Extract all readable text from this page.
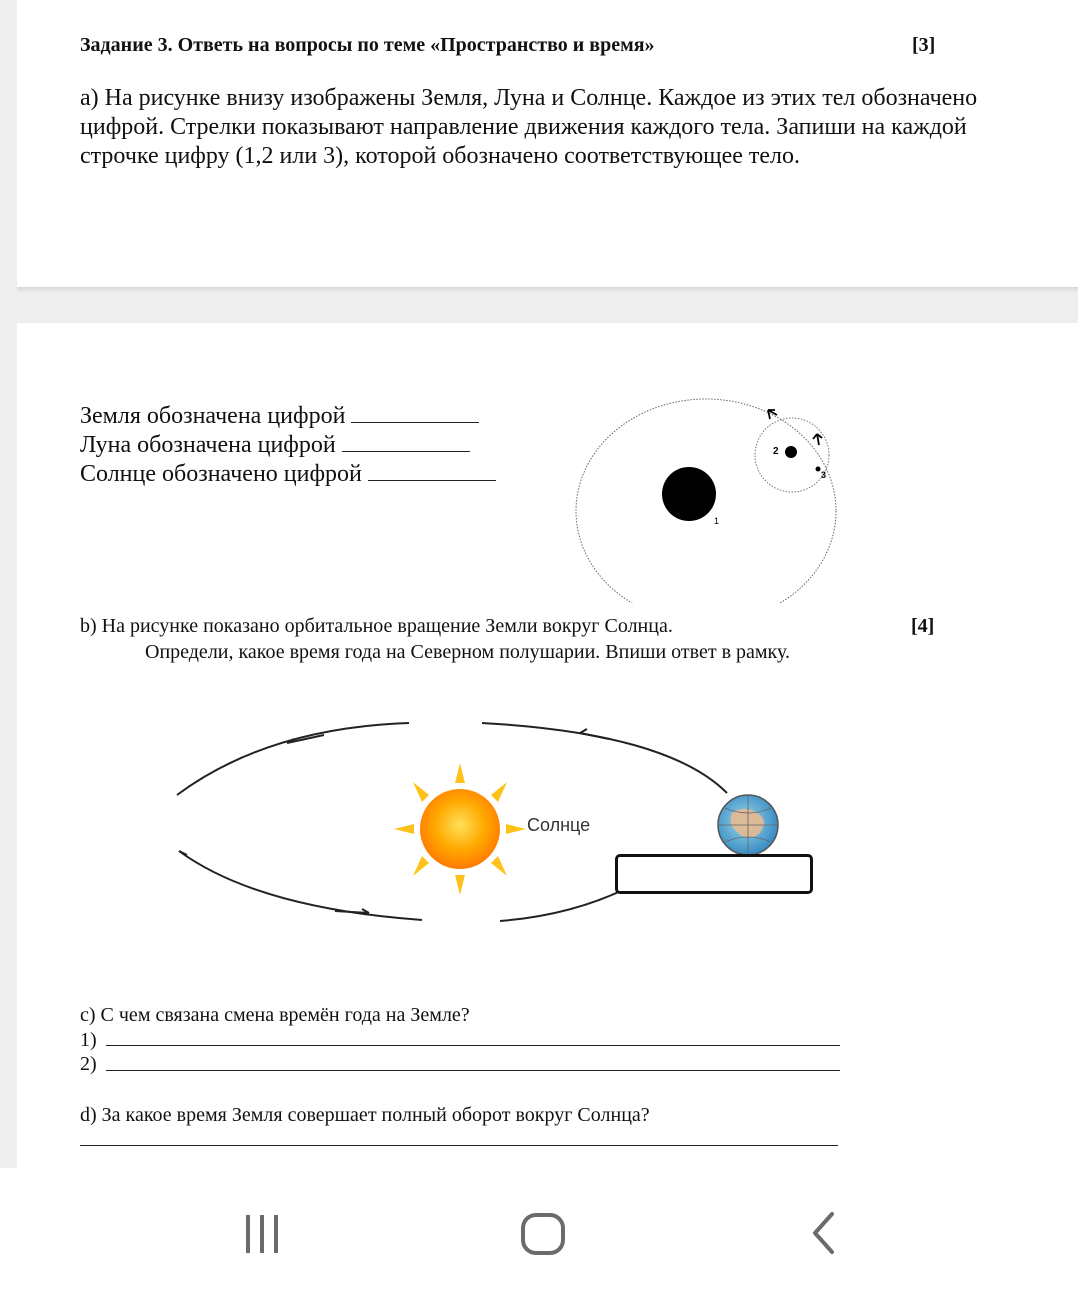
Задание 3. Ответь на вопросы по теме «Пространство и время»	[3]
а) На рисунке внизу изображены Земля, Луна и Солнце. Каждое из этих тел обозначено цифрой. Стрелки показывают направление движения каждого тела. Запиши на каждой строчке цифру (1,2 или 3), которой обозначено соответствующее тело.
Земля обозначена цифрой
Луна обозначена цифрой
Солнце обозначено цифрой
1
2
3
b) На рисунке показано орбитальное вращение Земли вокруг Солнца.	[4]
Определи, какое время года на Северном полушарии. Впиши ответ в рамку.
Солнце
c) С чем связана смена времён года на Земле?
1)
2)
d) За какое время Земля совершает полный оборот вокруг Солнца?
